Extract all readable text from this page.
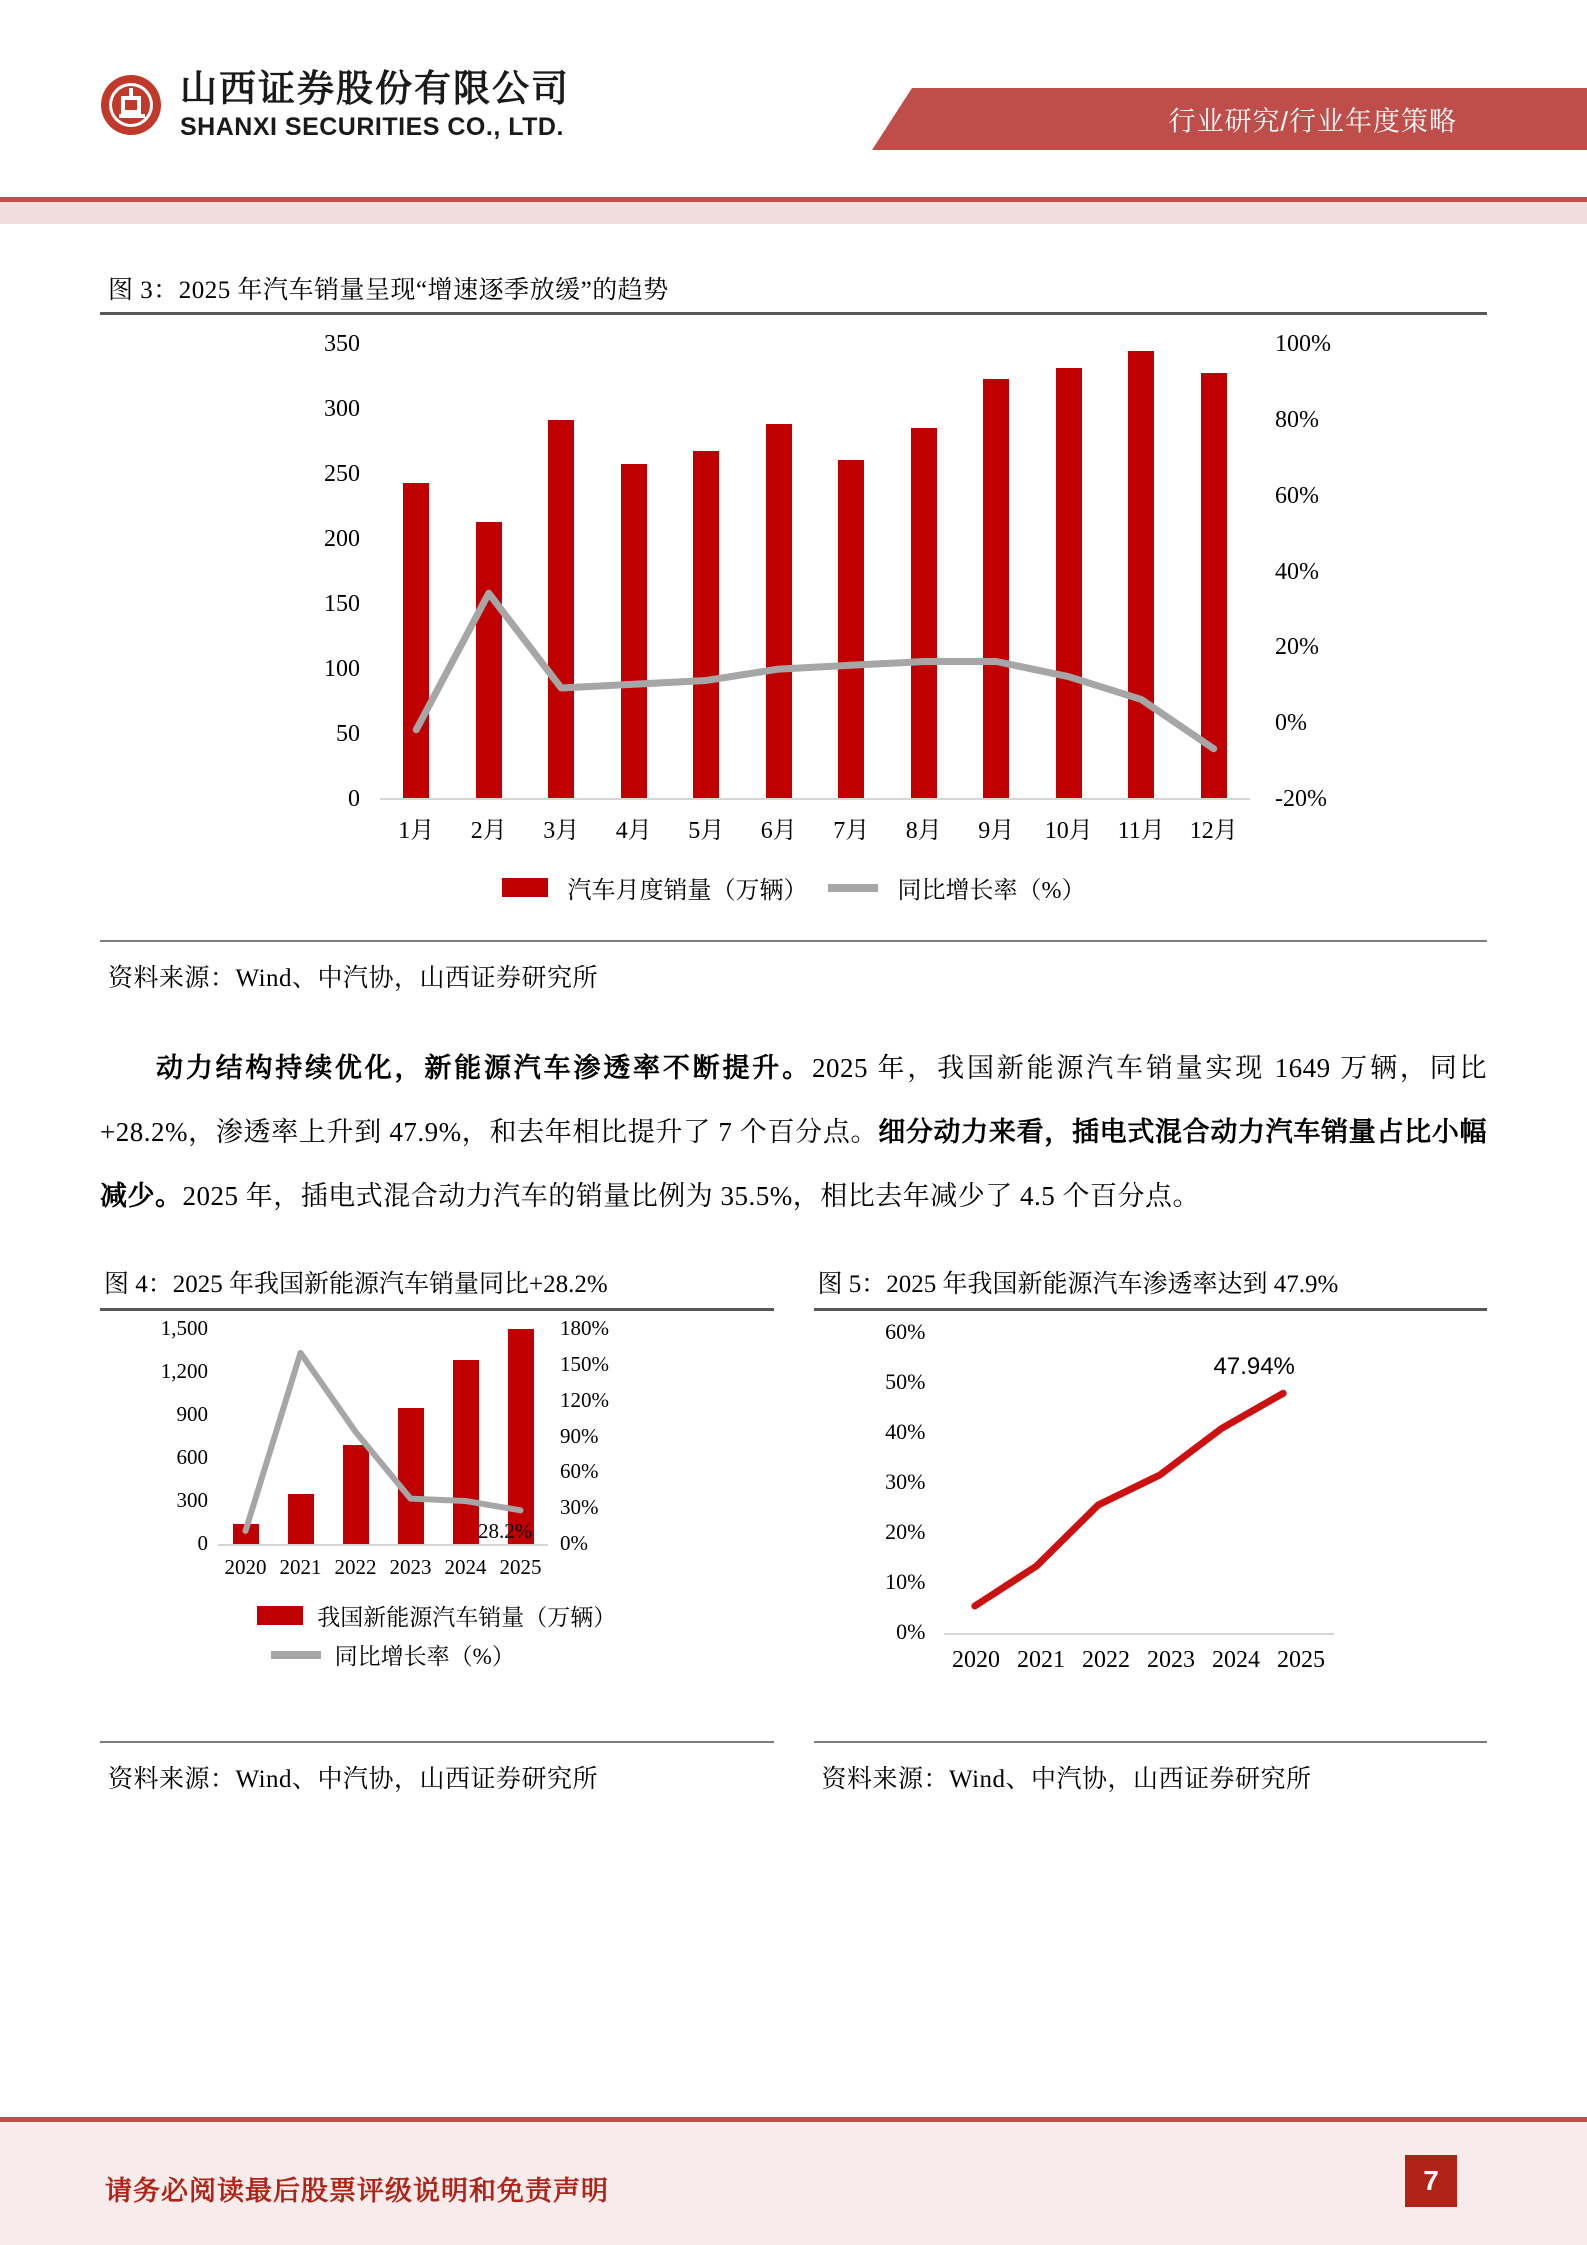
山西证券股份有限公司
SHANXI SECURITIES CO., LTD.	行业研究/行业年度策略
图 3：2025 年汽车销量呈现“增速逐季放缓”的趋势
350
300
250
200
150
100
50
0
100%
80%
60%
40%
20%
0%
-20%
1月	2月	3月	4月	5月	6月	7月	8月	9月	10月	11月	12月
汽车月度销量（万辆）	同比增长率（%）
资料来源：Wind、中汽协，山西证券研究所
动力结构持续优化，新能源汽车渗透率不断提升。2025 年，我国新能源汽车销量实现 1649 万辆，同比+28.2%，渗透率上升到 47.9%，和去年相比提升了 7 个百分点。细分动力来看，插电式混合动力汽车销量占比小幅减少。2025 年，插电式混合动力汽车的销量比例为 35.5%，相比去年减少了 4.5 个百分点。
图 4：2025 年我国新能源汽车销量同比+28.2%
1,500
1,200
900
600
300
0
180%
150%
120%
90%
60%
30%
0%
2020 2021 2022 2023 2024 2025
28.2%
我国新能源汽车销量（万辆）
同比增长率（%）
资料来源：Wind、中汽协，山西证券研究所
图 5：2025 年我国新能源汽车渗透率达到 47.9%
60%
50%
40%
30%
20%
10%
0%
2020 2021 2022 2023 2024 2025
47.94%
资料来源：Wind、中汽协，山西证券研究所
请务必阅读最后股票评级说明和免责声明	7
